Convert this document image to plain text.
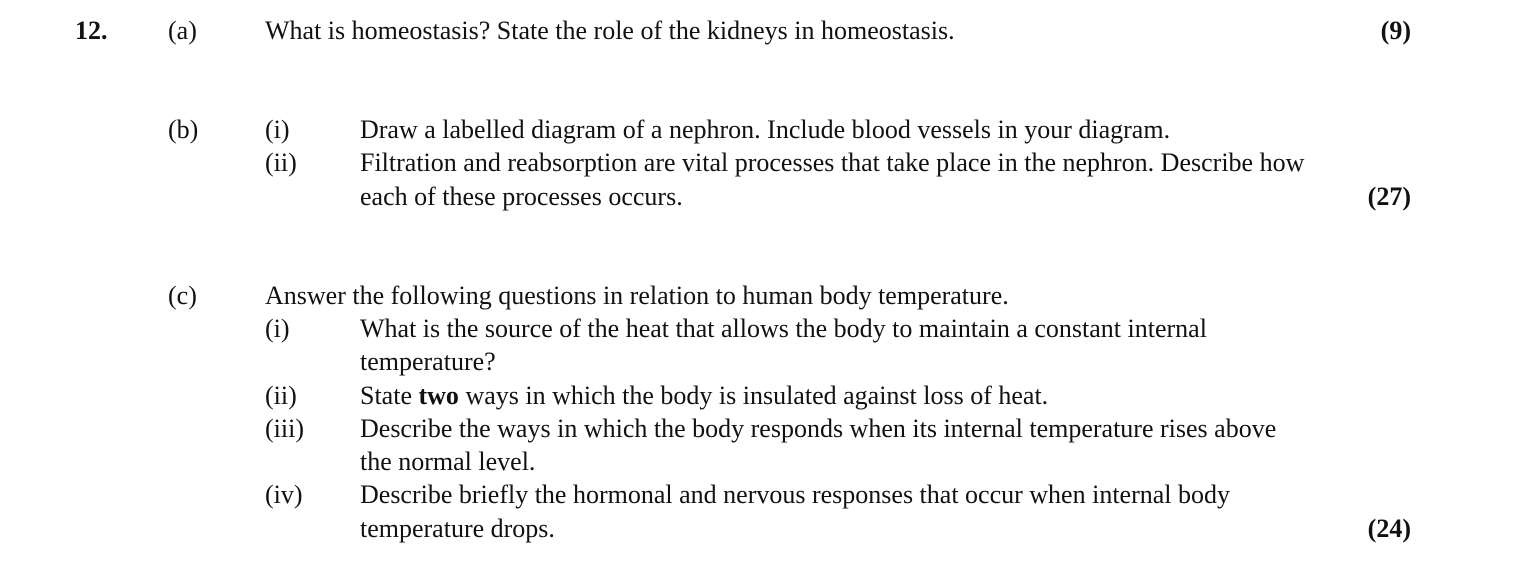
12. (a)	What is homeostasis? State the role of the kidneys in homeostasis.	(9)
(b)	(i)	Draw a labelled diagram of a nephron. Include blood vessels in your diagram.
(ii) Filtration and reabsorption are vital processes that take place in the nephron. Describe how
each of these processes occurs.	(27)
(c)	Answer the following questions in relation to human body temperature.
(i)	What is the source of the heat that allows the body to maintain a constant internal
temperature?
(ii) State two ways in which the body is insulated against loss of heat.
(iii) Describe the ways in which the body responds when its internal temperature rises above
the normal level.
(iv) Describe briefly the hormonal and nervous responses that occur when internal body
temperature drops.	(24)
